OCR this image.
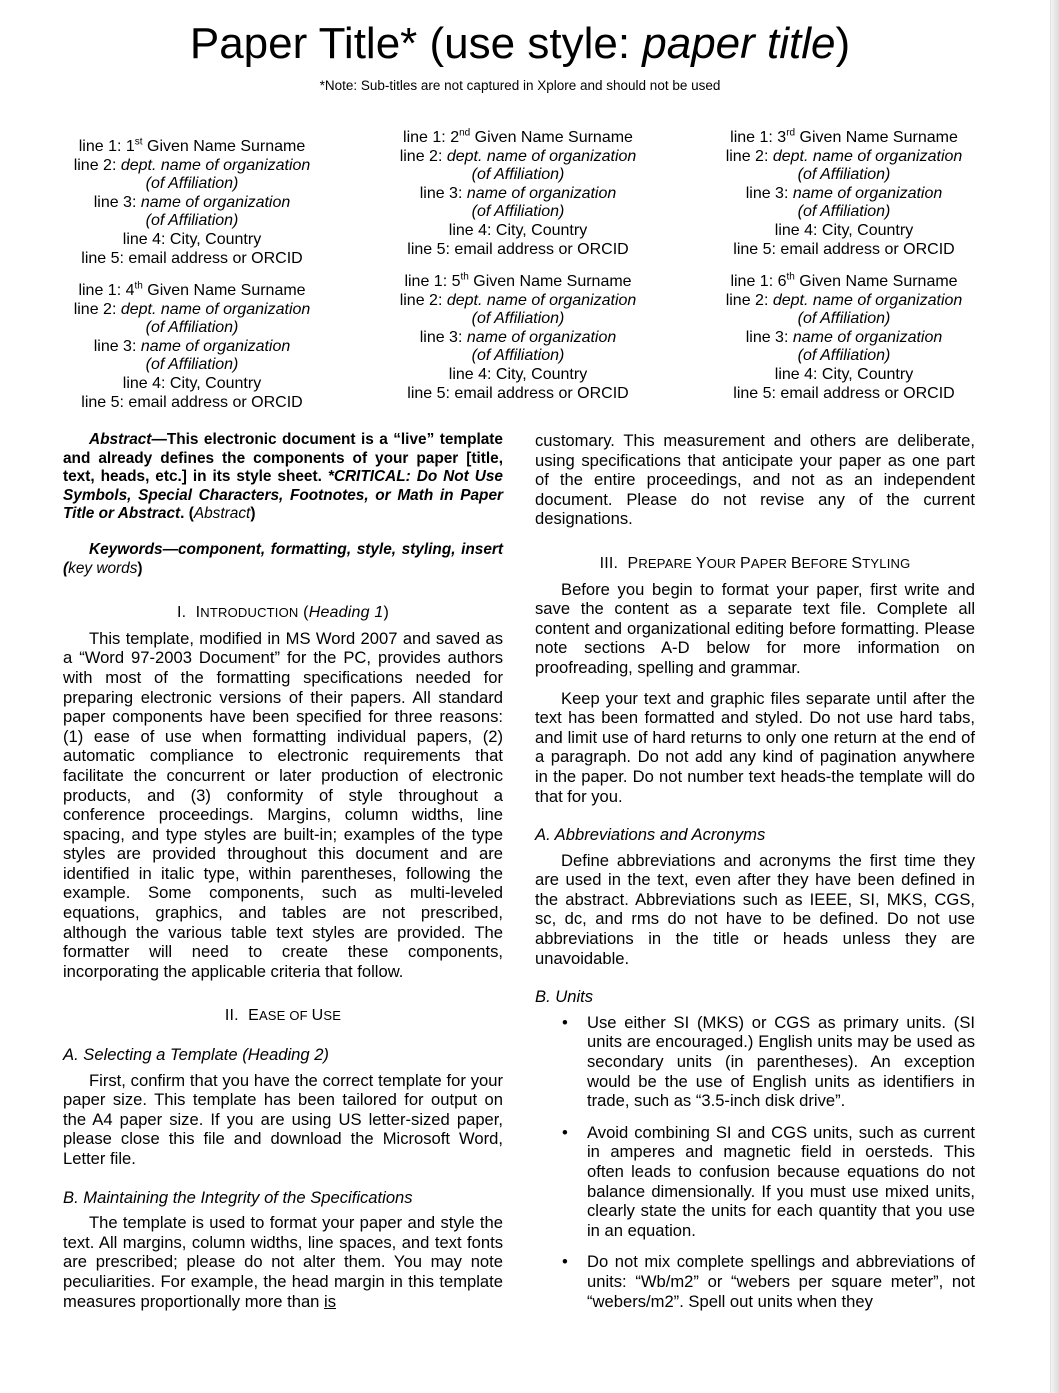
Paper Title* (use style: paper title)
*Note: Sub-titles are not captured in Xplore and should not be used
line 1: 1st Given Name Surname
line 2: dept. name of organization
(of Affiliation)
line 3: name of organization
(of Affiliation)
line 4: City, Country
line 5: email address or ORCID
line 1: 2nd Given Name Surname
line 2: dept. name of organization
(of Affiliation)
line 3: name of organization
(of Affiliation)
line 4: City, Country
line 5: email address or ORCID
line 1: 3rd Given Name Surname
line 2: dept. name of organization
(of Affiliation)
line 3: name of organization
(of Affiliation)
line 4: City, Country
line 5: email address or ORCID
line 1: 4th Given Name Surname
line 2: dept. name of organization
(of Affiliation)
line 3: name of organization
(of Affiliation)
line 4: City, Country
line 5: email address or ORCID
line 1: 5th Given Name Surname
line 2: dept. name of organization
(of Affiliation)
line 3: name of organization
(of Affiliation)
line 4: City, Country
line 5: email address or ORCID
line 1: 6th Given Name Surname
line 2: dept. name of organization
(of Affiliation)
line 3: name of organization
(of Affiliation)
line 4: City, Country
line 5: email address or ORCID

Abstract—This electronic document is a “live” template and already defines the components of your paper [title, text, heads, etc.] in its style sheet. *CRITICAL: Do Not Use Symbols, Special Characters, Footnotes, or Math in Paper Title or Abstract. (Abstract)

Keywords—component, formatting, style, styling, insert (key words)

I. INTRODUCTION (Heading 1)

This template, modified in MS Word 2007 and saved as a “Word 97-2003 Document” for the PC, provides authors with most of the formatting specifications needed for preparing electronic versions of their papers. All standard paper components have been specified for three reasons: (1) ease of use when formatting individual papers, (2) automatic compliance to electronic requirements that facilitate the concurrent or later production of electronic products, and (3) conformity of style throughout a conference proceedings. Margins, column widths, line spacing, and type styles are built-in; examples of the type styles are provided throughout this document and are identified in italic type, within parentheses, following the example. Some components, such as multi-leveled equations, graphics, and tables are not prescribed, although the various table text styles are provided. The formatter will need to create these components, incorporating the applicable criteria that follow.

II. EASE OF USE
A. Selecting a Template (Heading 2)

First, confirm that you have the correct template for your paper size. This template has been tailored for output on the A4 paper size. If you are using US letter-sized paper, please close this file and download the Microsoft Word, Letter file.

B. Maintaining the Integrity of the Specifications

The template is used to format your paper and style the text. All margins, column widths, line spaces, and text fonts are prescribed; please do not alter them. You may note peculiarities. For example, the head margin in this template measures proportionally more than is

customary. This measurement and others are deliberate, using specifications that anticipate your paper as one part of the entire proceedings, and not as an independent document. Please do not revise any of the current designations.

III. PREPARE YOUR PAPER BEFORE STYLING

Before you begin to format your paper, first write and save the content as a separate text file. Complete all content and organizational editing before formatting. Please note sections A-D below for more information on proofreading, spelling and grammar.

Keep your text and graphic files separate until after the text has been formatted and styled. Do not use hard tabs, and limit use of hard returns to only one return at the end of a paragraph. Do not add any kind of pagination anywhere in the paper. Do not number text heads-the template will do that for you.

A. Abbreviations and Acronyms

Define abbreviations and acronyms the first time they are used in the text, even after they have been defined in the abstract. Abbreviations such as IEEE, SI, MKS, CGS, sc, dc, and rms do not have to be defined. Do not use abbreviations in the title or heads unless they are unavoidable.

B. Units
• Use either SI (MKS) or CGS as primary units. (SI units are encouraged.) English units may be used as secondary units (in parentheses). An exception would be the use of English units as identifiers in trade, such as “3.5-inch disk drive”.
• Avoid combining SI and CGS units, such as current in amperes and magnetic field in oersteds. This often leads to confusion because equations do not balance dimensionally. If you must use mixed units, clearly state the units for each quantity that you use in an equation.
• Do not mix complete spellings and abbreviations of units: “Wb/m2” or “webers per square meter”, not “webers/m2”. Spell out units when they
